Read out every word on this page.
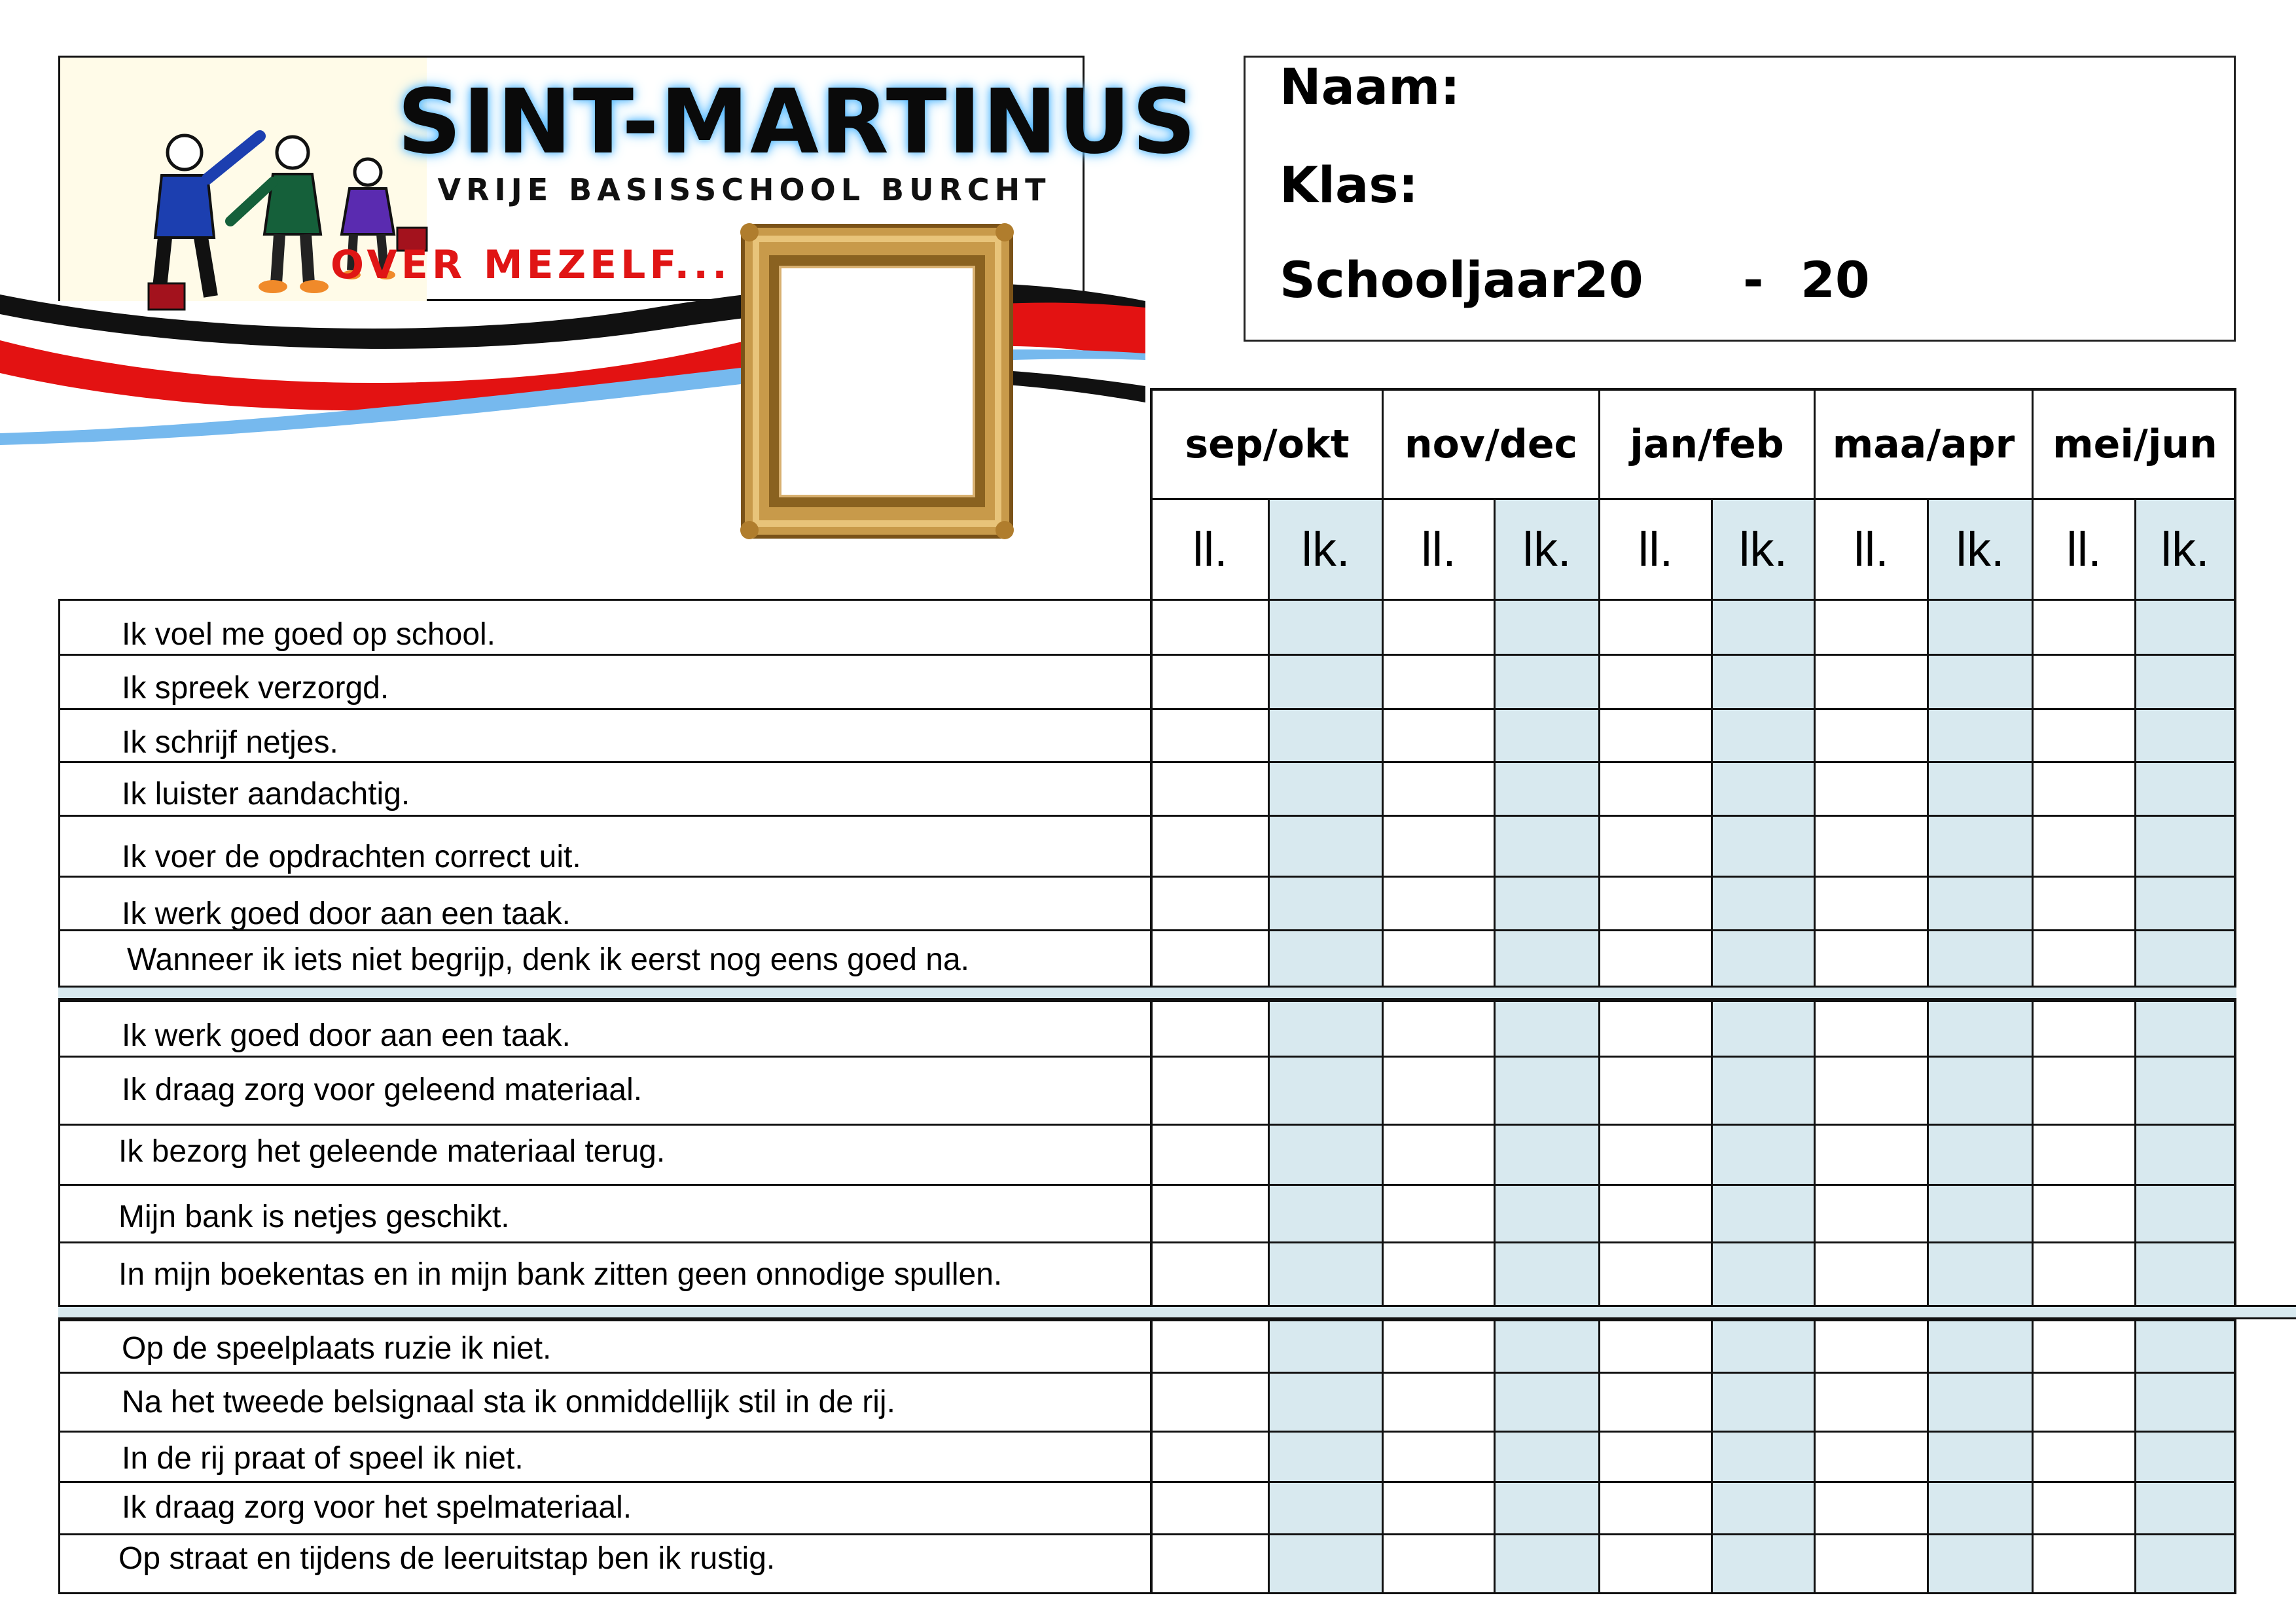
SINT-MARTINUS
VRIJE BASISSCHOOL BURCHT
OVER MEZELF...
Naam:
Klas:
Schooljaar 20 - 20
sep/okt	nov/dec	jan/feb	maa/apr mei/jun
ll.	lk.	ll.	lk.	ll.	lk.	ll.	lk.	ll.	lk.
Ik voel me goed op school.
Ik spreek verzorgd.
Ik schrijf netjes.
Ik luister aandachtig.
Ik voer de opdrachten correct uit.
Ik werk goed door aan een taak.
Wanneer ik iets niet begrijp, denk ik eerst nog eens goed na.
Ik werk goed door aan een taak.
Ik draag zorg voor geleend materiaal.
Ik bezorg het geleende materiaal terug.
Mijn bank is netjes geschikt.
In mijn boekentas en in mijn bank zitten geen onnodige spullen.
Op de speelplaats ruzie ik niet.
Na het tweede belsignaal sta ik onmiddellijk stil in de rij.
In de rij praat of speel ik niet.
Ik draag zorg voor het spelmateriaal.
Op straat en tijdens de leeruitstap ben ik rustig.
